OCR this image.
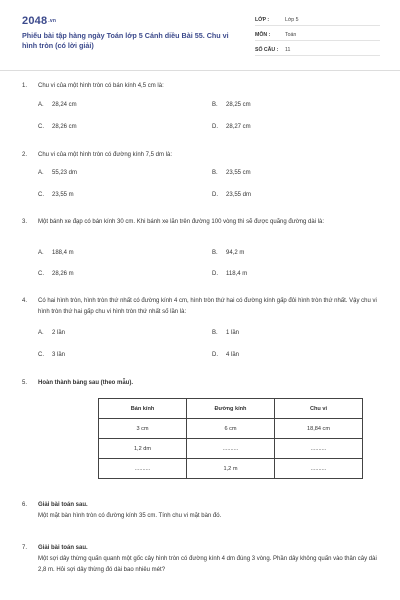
2048.vn
Phiếu bài tập hàng ngày Toán lớp 5 Cánh diều Bài 55. Chu vi hình tròn (có lời giải)
LỚP :	Lớp 5
MÔN :	Toán
SỐ CÂU : 11
1. Chu vi của một hình tròn có bán kính 4,5 cm là:
A. 28,24 cm	B. 28,25 cm
C. 28,26 cm	D. 28,27 cm
2. Chu vi của một hình tròn có đường kính 7,5 dm là:
A. 55,23 dm	B. 23,55 cm
C. 23,55 m	D. 23,55 dm
3. Một bánh xe đạp có bán kính 30 cm. Khi bánh xe lăn trên đường 100 vòng thì sẽ được quãng đường dài là:
A. 188,4 m	B. 94,2 m
C. 28,26 m	D. 118,4 m
4. Có hai hình tròn, hình tròn thứ nhất có đường kính 4 cm, hình tròn thứ hai có đường kính gấp đôi hình tròn thứ nhất. Vậy chu vi hình tròn thứ hai gấp chu vi hình tròn thứ nhất số lần là:
A. 2 lần	B. 1 lần
C. 3 lần	D. 4 lần
5. Hoàn thành bảng sau (theo mẫu).
Bán kính	Đường kính	Chu vi
3 cm	6 cm	18,84 cm
1,2 dm	..........	..........
..........	1,2 m	..........
6. Giải bài toán sau.
Một mặt bàn hình tròn có đường kính 35 cm. Tính chu vi mặt bàn đó.
7. Giải bài toán sau.
Một sợi dây thừng quấn quanh một gốc cây hình tròn có đường kính 4 dm đúng 3 vòng. Phần dây không quấn vào thân cây dài 2,8 m. Hỏi sợi dây thừng đó dài bao nhiêu mét?
